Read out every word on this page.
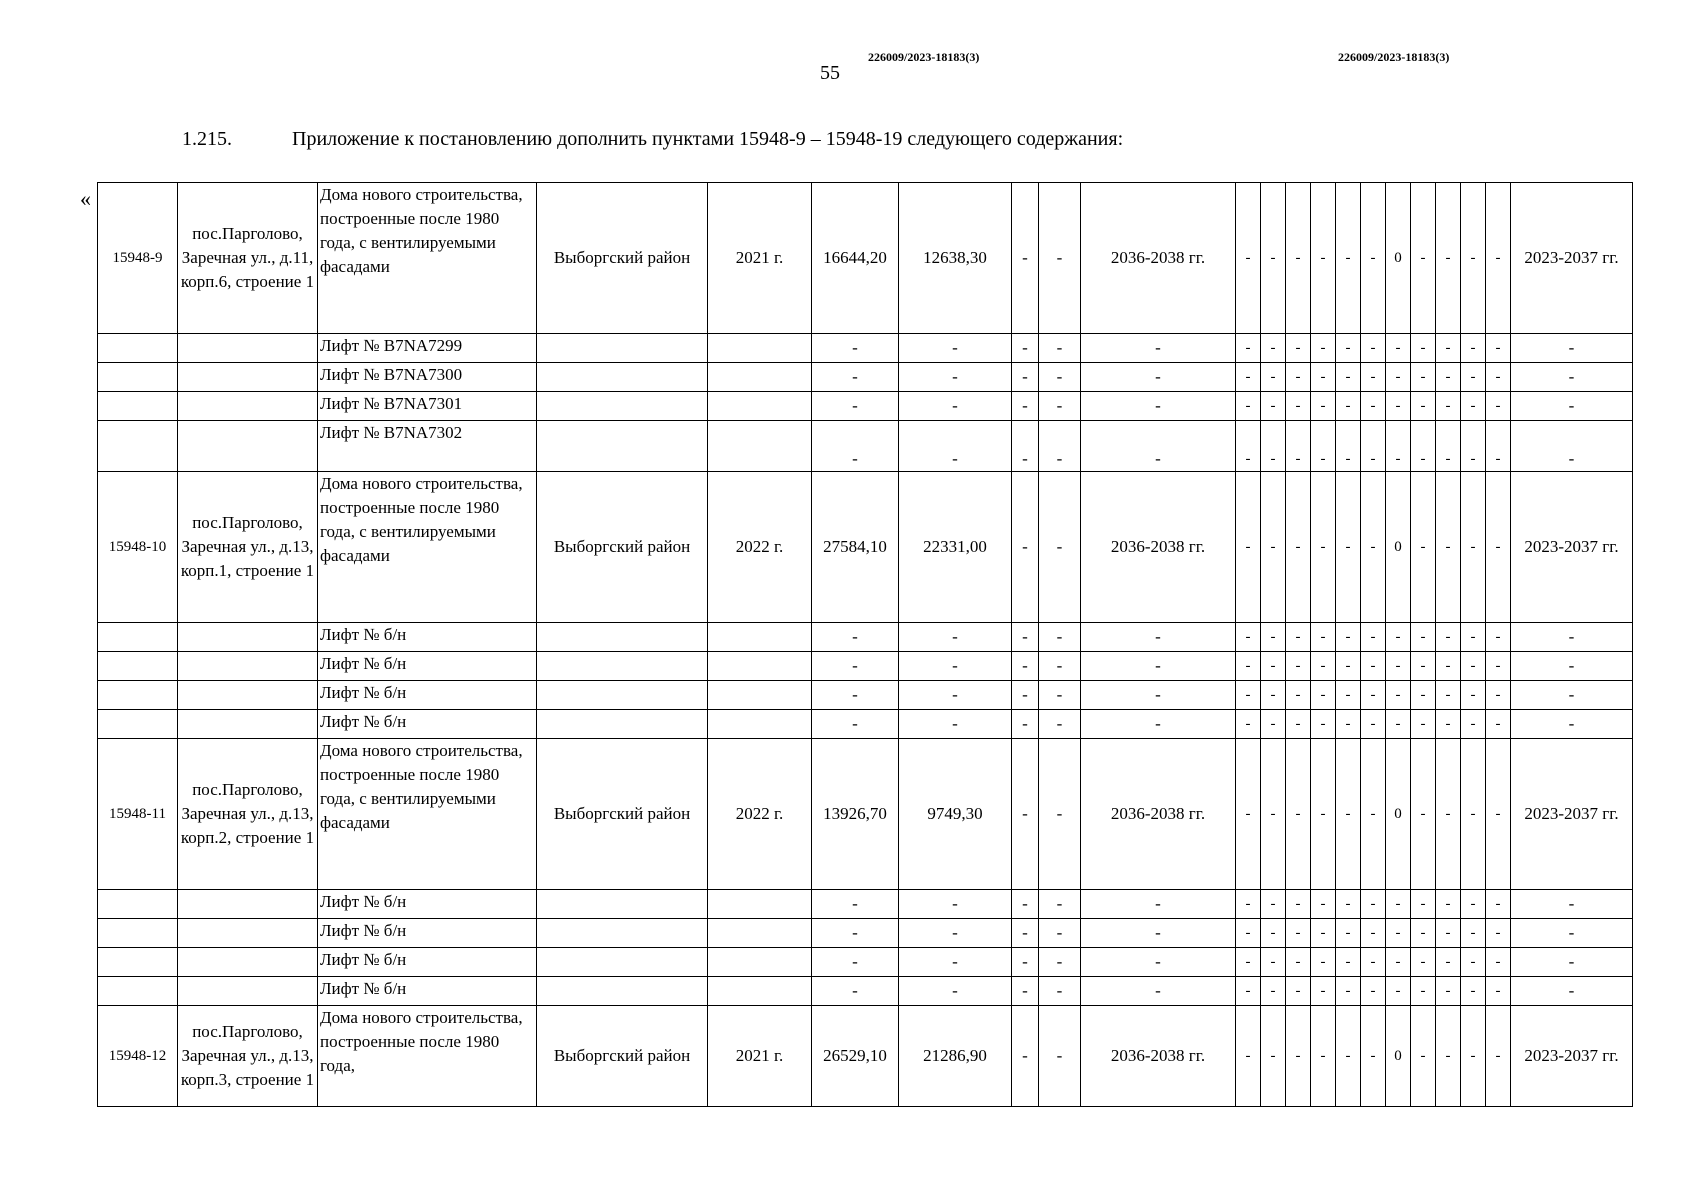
55
226009/2023-18183(3)	226009/2023-18183(3)
1.215.	Приложение к постановлению дополнить пунктами 15948-9 – 15948-19 следующего содержания:
«
15948-9	пос.Парголово, Заречная ул., д.11, корп.6, строение 1	Дома нового строительства, построенные после 1980 года, с вентилируемыми фасадами	Выборгский район	2021 г.	16644,20	12638,30	-	-	2036-2038 гг.	-	-	-	-	-	-	0	-	-	-	-	2023-2037 гг.
		Лифт № B7NA7299			-	-	-	-	-	-	-	-	-	-	-	-	-	-	-	-	-
		Лифт № B7NA7300			-	-	-	-	-	-	-	-	-	-	-	-	-	-	-	-	-
		Лифт № B7NA7301			-	-	-	-	-	-	-	-	-	-	-	-	-	-	-	-	-
		Лифт № B7NA7302			-	-	-	-	-	-	-	-	-	-	-	-	-	-	-	-	-
15948-10	пос.Парголово, Заречная ул., д.13, корп.1, строение 1	Дома нового строительства, построенные после 1980 года, с вентилируемыми фасадами	Выборгский район	2022 г.	27584,10	22331,00	-	-	2036-2038 гг.	-	-	-	-	-	-	0	-	-	-	-	2023-2037 гг.
		Лифт № б/н			-	-	-	-	-	-	-	-	-	-	-	-	-	-	-	-	-
		Лифт № б/н			-	-	-	-	-	-	-	-	-	-	-	-	-	-	-	-	-
		Лифт № б/н			-	-	-	-	-	-	-	-	-	-	-	-	-	-	-	-	-
		Лифт № б/н			-	-	-	-	-	-	-	-	-	-	-	-	-	-	-	-	-
15948-11	пос.Парголово, Заречная ул., д.13, корп.2, строение 1	Дома нового строительства, построенные после 1980 года, с вентилируемыми фасадами	Выборгский район	2022 г.	13926,70	9749,30	-	-	2036-2038 гг.	-	-	-	-	-	-	0	-	-	-	-	2023-2037 гг.
		Лифт № б/н			-	-	-	-	-	-	-	-	-	-	-	-	-	-	-	-	-
		Лифт № б/н			-	-	-	-	-	-	-	-	-	-	-	-	-	-	-	-	-
		Лифт № б/н			-	-	-	-	-	-	-	-	-	-	-	-	-	-	-	-	-
		Лифт № б/н			-	-	-	-	-	-	-	-	-	-	-	-	-	-	-	-	-
15948-12	пос.Парголово, Заречная ул., д.13, корп.3, строение 1	Дома нового строительства, построенные после 1980 года,	Выборгский район	2021 г.	26529,10	21286,90	-	-	2036-2038 гг.	-	-	-	-	-	-	0	-	-	-	-	2023-2037 гг.
